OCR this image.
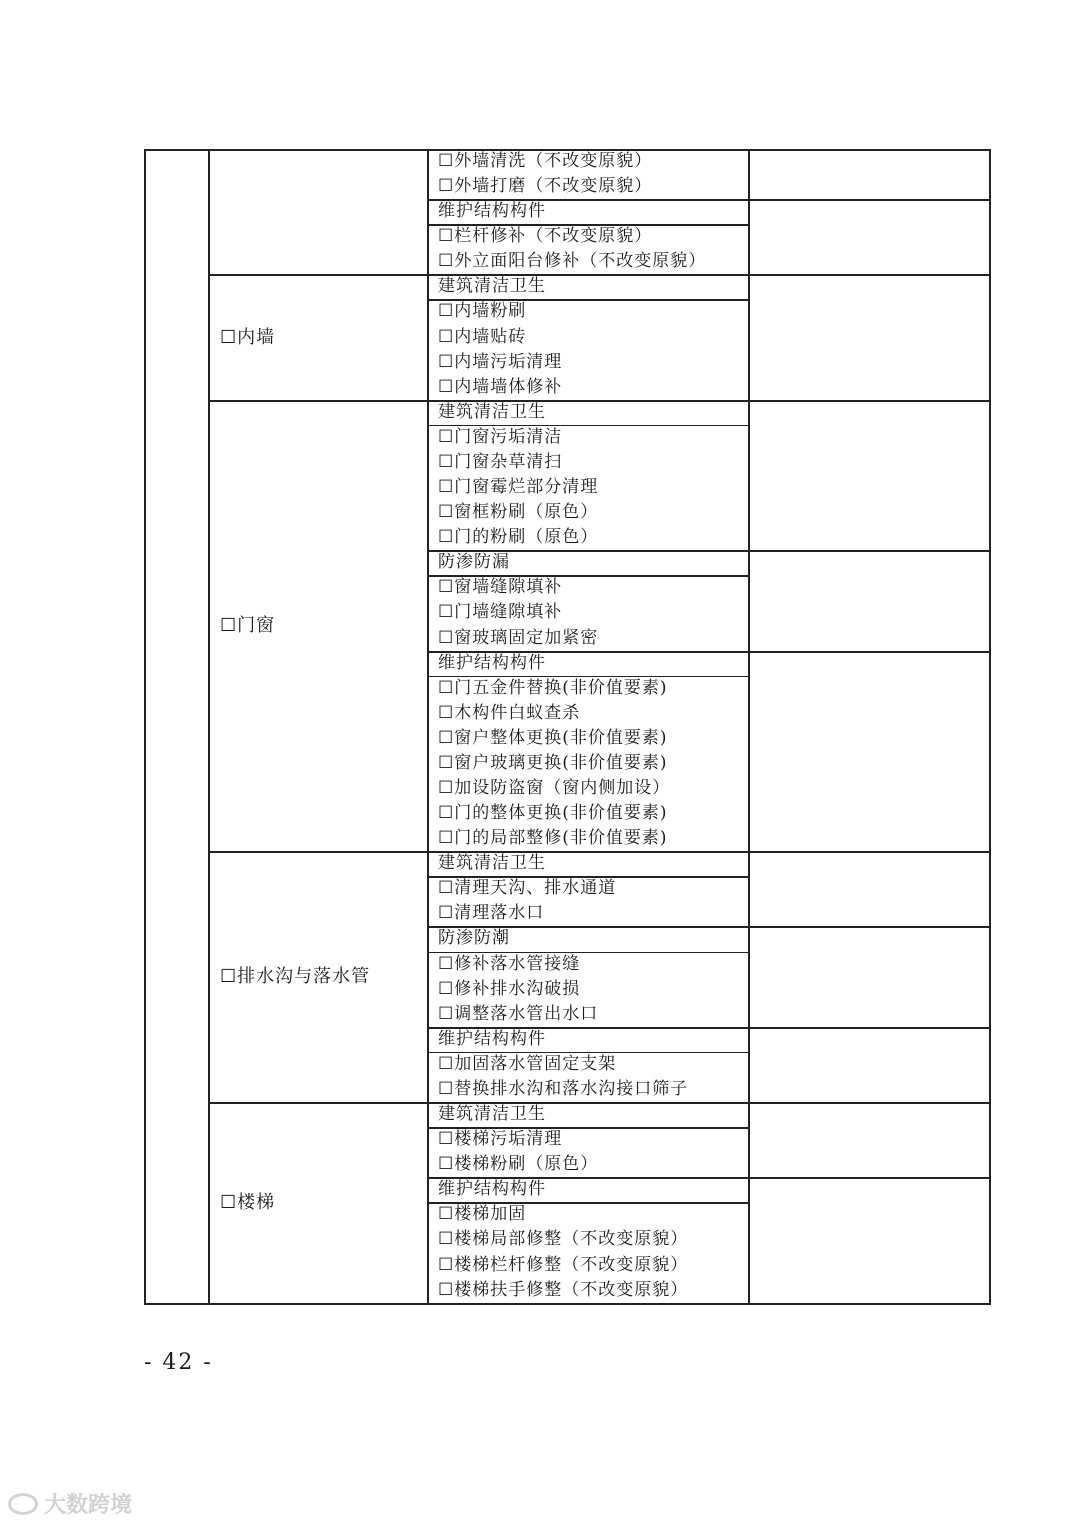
☐外墙清洗（不改变原貌）
☐外墙打磨（不改变原貌）
维护结构构件
☐栏杆修补（不改变原貌）
☐外立面阳台修补（不改变原貌）
建筑清洁卫生
☐内墙粉刷
☐内墙贴砖
☐内墙污垢清理
☐内墙墙体修补
☐内墙
建筑清洁卫生
☐门窗污垢清洁
☐门窗杂草清扫
☐门窗霉烂部分清理
☐窗框粉刷（原色）
☐门的粉刷（原色）
防渗防漏
☐窗墙缝隙填补
☐门墙缝隙填补
☐窗玻璃固定加紧密
维护结构构件
☐门五金件替换(非价值要素)
☐木构件白蚁查杀
☐窗户整体更换(非价值要素)
☐窗户玻璃更换(非价值要素)
☐加设防盗窗（窗内侧加设）
☐门的整体更换(非价值要素)
☐门的局部整修(非价值要素)
☐门窗
建筑清洁卫生
☐清理天沟、排水通道
☐清理落水口
防渗防潮
☐修补落水管接缝
☐修补排水沟破损
☐调整落水管出水口
维护结构构件
☐加固落水管固定支架
☐替换排水沟和落水沟接口筛子
☐排水沟与落水管
建筑清洁卫生
☐楼梯污垢清理
☐楼梯粉刷（原色）
维护结构构件
☐楼梯加固
☐楼梯局部修整（不改变原貌）
☐楼梯栏杆修整（不改变原貌）
☐楼梯扶手修整（不改变原貌）
☐楼梯
- 42 -
大数跨境
